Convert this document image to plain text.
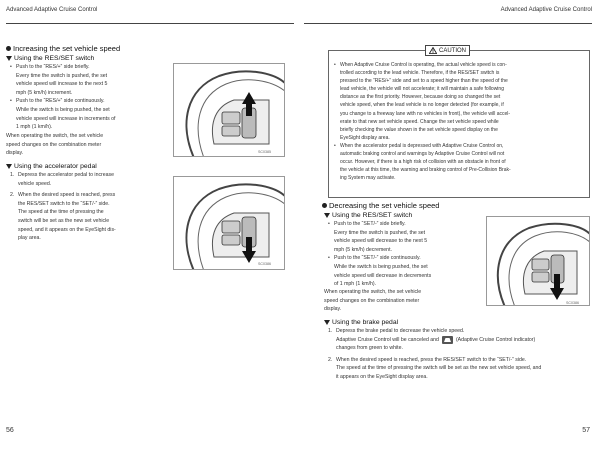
Advanced Adaptive Cruise Control	Advanced Adaptive Cruise Control
Increasing the set vehicle speed
Using the RES/SET switch
• Push to the “RES/+” side briefly.
Every time the switch is pushed, the set
vehicle speed will increase to the next 5
mph (5 km/h) increment.
• Push to the “RES/+” side continuously.
While the switch is being pushed, the set
vehicle speed will increase in increments of
1 mph (1 km/h).
When operating the switch, the set vehicle
speed changes on the combination meter
display.
Using the accelerator pedal
1. Depress the accelerator pedal to increase
vehicle speed.
2. When the desired speed is reached, press
the RES/SET switch to the “SET/-” side.
The speed at the time of pressing the
switch will be set as the new set vehicle
speed, and it appears on the EyeSight dis-
play area.
SC0385
SC0386
56
CAUTION
• When Adaptive Cruise Control is operating, the actual vehicle speed is con-
trolled according to the lead vehicle. Therefore, if the RES/SET switch is
pressed to the “RES/+” side and set to a speed higher than the speed of the
lead vehicle, the vehicle will not accelerate; it will maintain a safe following
distance as the first priority. However, because doing so changed the set
vehicle speed, when the lead vehicle is no longer detected (for example, if
you change to a freeway lane with no vehicles in front), the vehicle will accel-
erate to that new set vehicle speed. Change the set vehicle speed while
briefly checking the value shown in the set vehicle speed display on the
EyeSight display area.
• When the accelerator pedal is depressed with Adaptive Cruise Control on,
automatic braking control and warnings by Adaptive Cruise Control will not
occur. However, if there is a high risk of collision with an obstacle in front of
the vehicle at this time, the warning and braking control of Pre-Collision Brak-
ing System may activate.
Decreasing the set vehicle speed
Using the RES/SET switch
• Push to the “SET/-” side briefly.
Every time the switch is pushed, the set
vehicle speed will decrease to the next 5
mph (5 km/h) decrement.
• Push to the “SET/-” side continuously.
While the switch is being pushed, the set
vehicle speed will decrease in decrements
of 1 mph (1 km/h).
When operating the switch, the set vehicle
speed changes on the combination meter
display.
SC0386
Using the brake pedal
1. Depress the brake pedal to decrease the vehicle speed.
Adaptive Cruise Control will be canceled and	(Adaptive Cruise Control indicator)
changes from green to white.
2. When the desired speed is reached, press the RES/SET switch to the “SET/-” side.
The speed at the time of pressing the switch will be set as the new set vehicle speed, and
it appears on the EyeSight display area.
57
